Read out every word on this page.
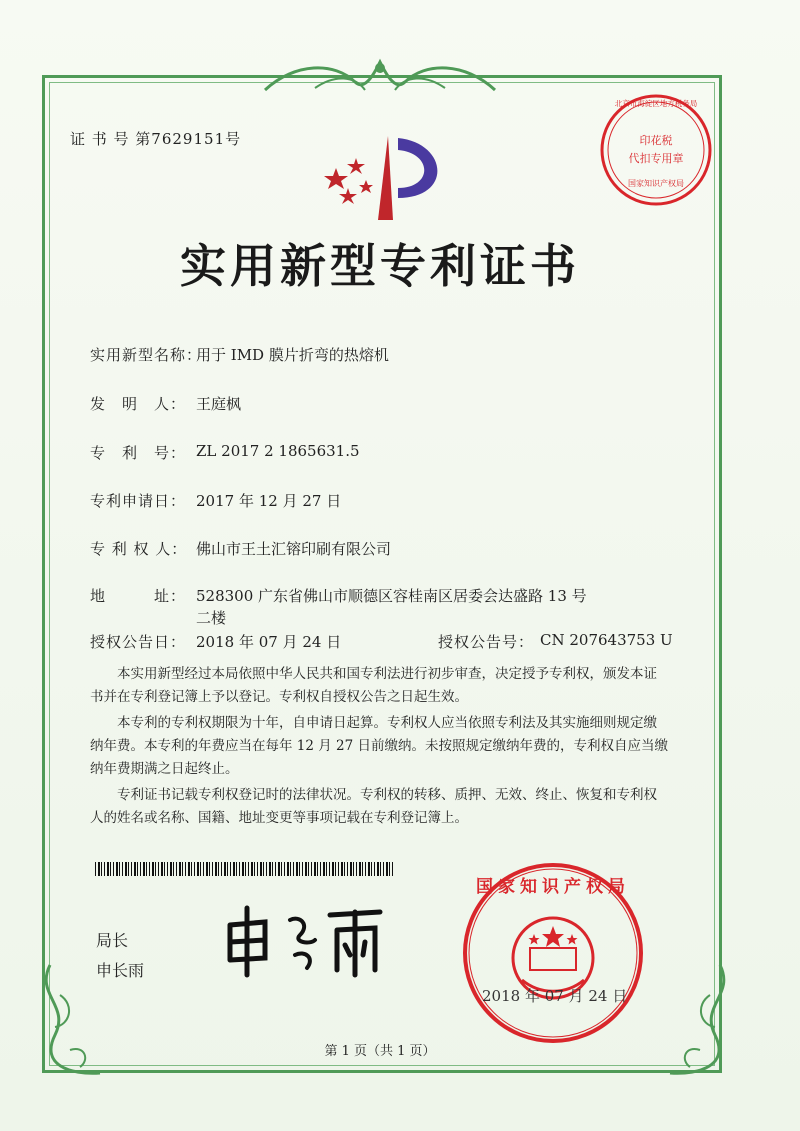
证 书 号 第7629151号
北京市海淀区地方税务局
印花税
代扣专用章
国家知识产权局
实用新型专利证书
实用新型名称：
用于 IMD 膜片折弯的热熔机
发　明　人： 王庭枫
专　利　号： ZL 2017 2 1865631.5
专利申请日： 2017 年 12 月 27 日
专 利 权 人： 佛山市王土汇镕印刷有限公司
地　　　址： 528300 广东省佛山市顺德区容桂南区居委会达盛路 13 号
二楼
授权公告日： 2018 年 07 月 24 日	授权公告号： CN 207643753 U
本实用新型经过本局依照中华人民共和国专利法进行初步审查，决定授予专利权，颁发本证书并在专利登记簿上予以登记。专利权自授权公告之日起生效。
本专利的专利权期限为十年，自申请日起算。专利权人应当依照专利法及其实施细则规定缴纳年费。本专利的年费应当在每年 12 月 27 日前缴纳。未按照规定缴纳年费的，专利权自应当缴纳年费期满之日起终止。
专利证书记载专利权登记时的法律状况。专利权的转移、质押、无效、终止、恢复和专利权人的姓名或名称、国籍、地址变更等事项记载在专利登记簿上。
局长
申长雨
国家知识产权局
2018 年 07 月 24 日
第 1 页（共 1 页）
